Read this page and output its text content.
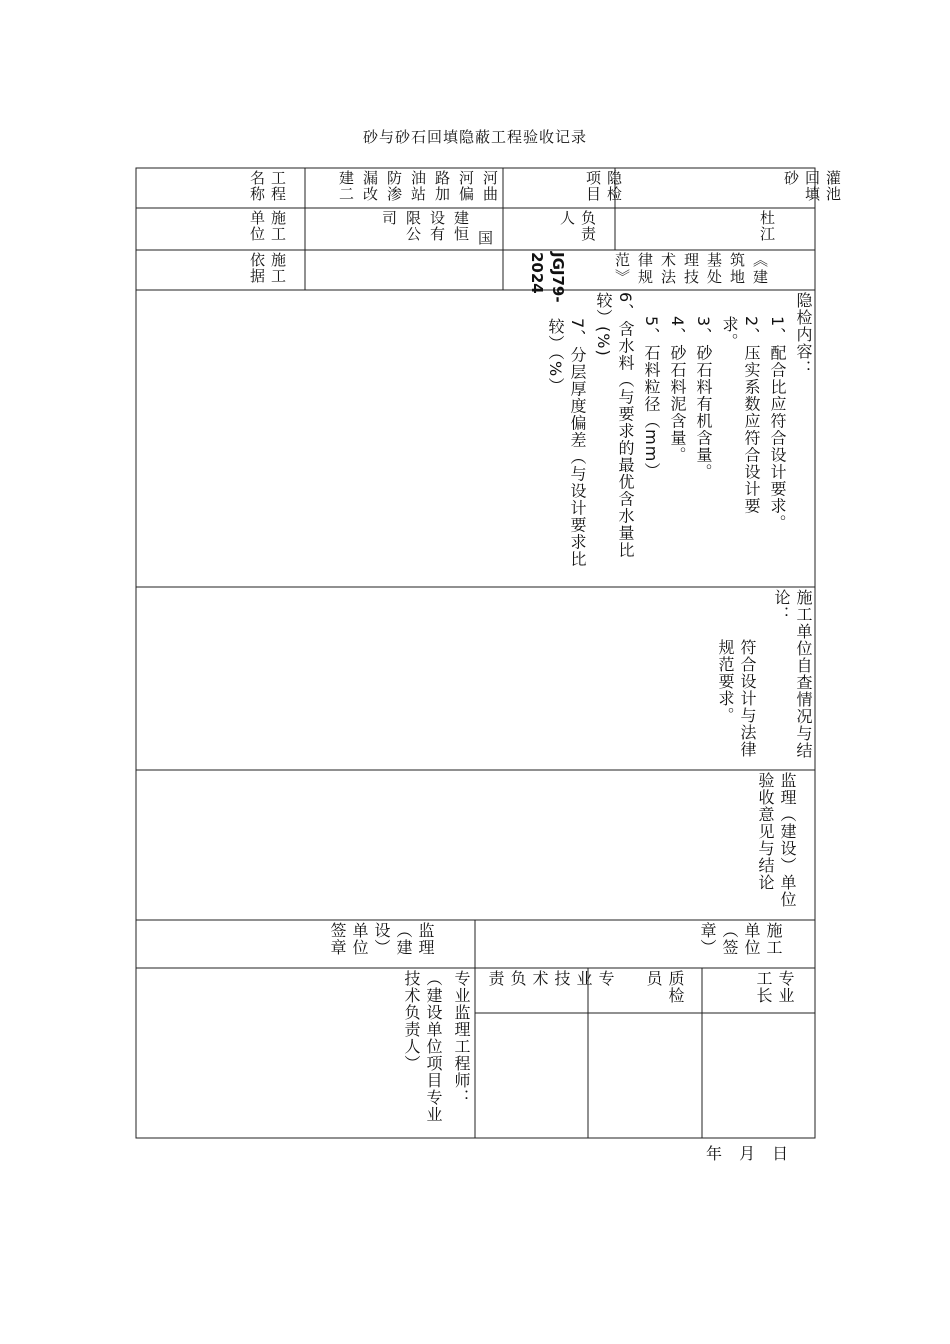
砂与砂石回填隐蔽工程验收记录
灌池回填砂
隐检项目
河曲
河偏
路加
油站
防渗
漏改
建二
工程名称
杜江
负责人
国
建恒
设有
限公
司
施工单位
《建筑地基处理技术法律规范》
JGJ79-2024
施工依据
隐检内容：
1、配合比应符合设计要求。
2、压实系数应符合设计要求。
3、砂石料有机含量。
4、砂石料泥含量。
5、石料粒径（mm）
6、含水料（与要求的最优含水量比较）(%)
7、分层厚度偏差（与设计要求比较）（%）
施工单位自查情况与结论：
符合设计与法律规范要求。
监理（建设）单位验收意见与结论
施工单位（签章）
监理（建设）单位签章
专业工长
质检员
专业技术负责
专业监理工程师：
（建设单位项目专业技术负责人）
年 月 日
